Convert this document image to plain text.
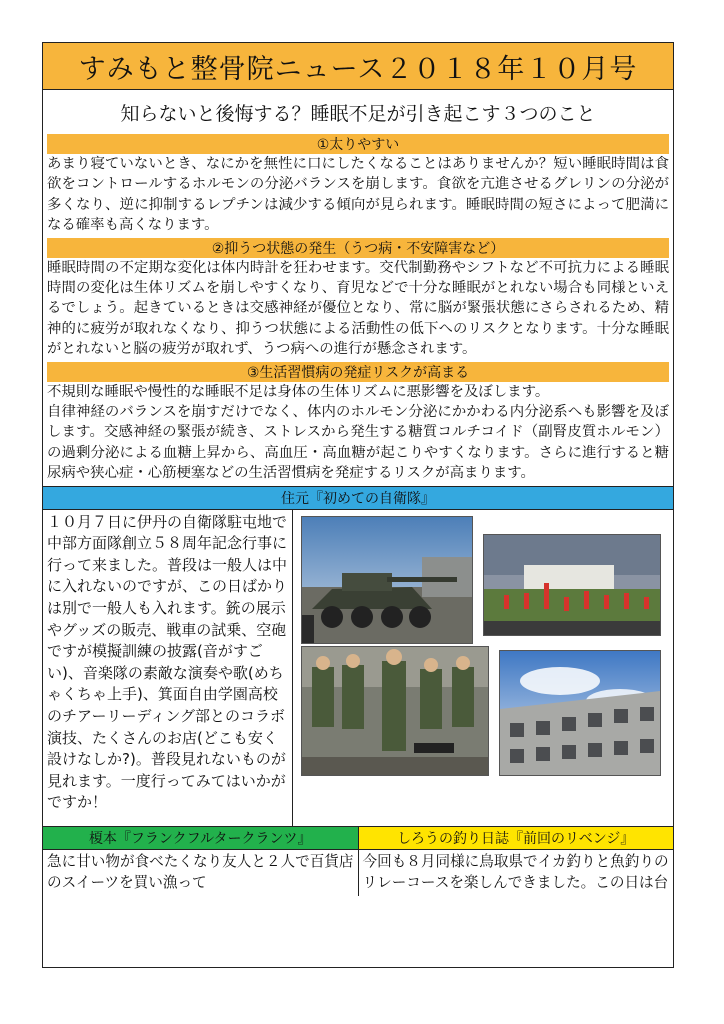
すみもと整骨院ニュース２０１８年１０月号
知らないと後悔する？睡眠不足が引き起こす３つのこと
①太りやすい
あまり寝ていないとき、なにかを無性に口にしたくなることはありませんか？短い睡眠時間は食欲をコントロールするホルモンの分泌バランスを崩します。食欲を亢進させるグレリンの分泌が多くなり、逆に抑制するレプチンは減少する傾向が見られます。睡眠時間の短さによって肥満になる確率も高くなります。
②抑うつ状態の発生（うつ病・不安障害など）
睡眠時間の不定期な変化は体内時計を狂わせます。交代制勤務やシフトなど不可抗力による睡眠時間の変化は生体リズムを崩しやすくなり、育児などで十分な睡眠がとれない場合も同様といえるでしょう。起きているときは交感神経が優位となり、常に脳が緊張状態にさらされるため、精神的に疲労が取れなくなり、抑うつ状態による活動性の低下へのリスクとなります。十分な睡眠がとれないと脳の疲労が取れず、うつ病への進行が懸念されます。
③生活習慣病の発症リスクが高まる
不規則な睡眠や慢性的な睡眠不足は身体の生体リズムに悪影響を及ぼします。
自律神経のバランスを崩すだけでなく、体内のホルモン分泌にかかわる内分泌系へも影響を及ぼします。交感神経の緊張が続き、ストレスから発生する糖質コルチコイド（副腎皮質ホルモン）の過剰分泌による血糖上昇から、高血圧・高血糖が起こりやすくなります。さらに進行すると糖尿病や狭心症・心筋梗塞などの生活習慣病を発症するリスクが高まります。
住元『初めての自衛隊』
１０月７日に伊丹の自衛隊駐屯地で中部方面隊創立５８周年記念行事に行って来ました。普段は一般人は中に入れないのですが、この日ばかりは別で一般人も入れます。銃の展示やグッズの販売、戦車の試乗、空砲ですが模擬訓練の披露(音がすごい)、音楽隊の素敵な演奏や歌(めちゃくちゃ上手)、箕面自由学園高校のチアーリーディング部とのコラボ演技、たくさんのお店(どこも安く設けなしか?)。普段見れないものが見れます。一度行ってみてはいかがですか！
榎本『フランクフルタークランツ』	しろうの釣り日誌『前回のリベンジ』
急に甘い物が食べたくなり友人と２人で百貨店のスイーツを買い漁って
今回も８月同様に鳥取県でイカ釣りと魚釣りのリレーコースを楽しんできました。この日は台
